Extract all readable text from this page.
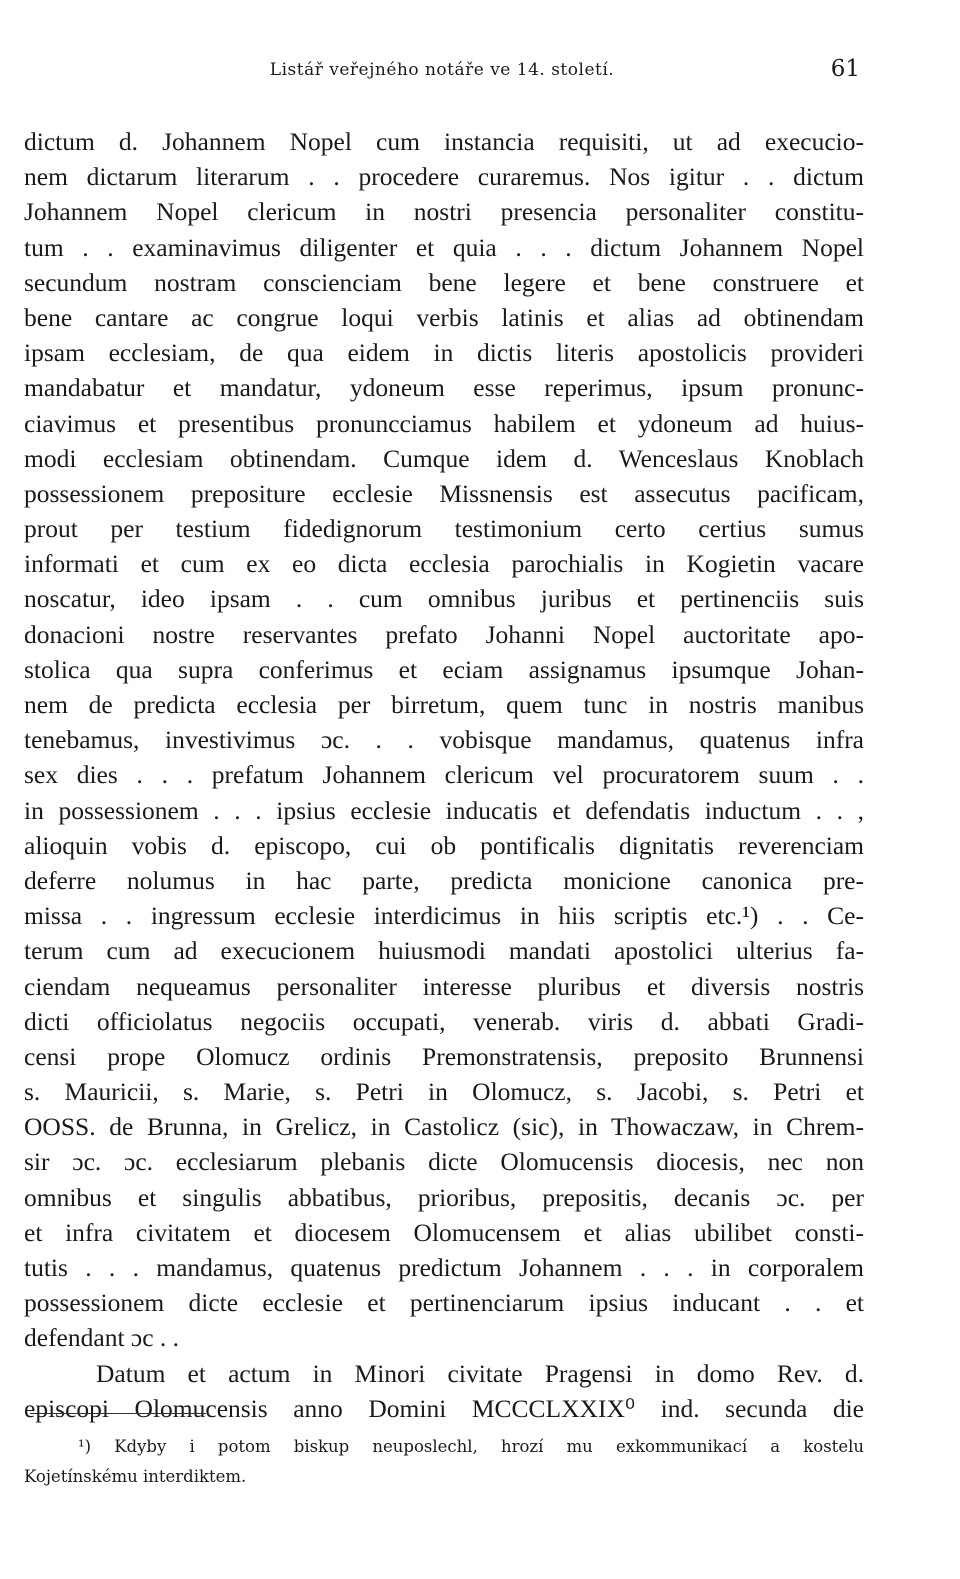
Listář veřejného notáře ve 14. století.	61
dictum d. Johannem Nopel cum instancia requisiti, ut ad execucio-
nem dictarum literarum . . procedere curaremus. Nos igitur . . dictum
Johannem Nopel clericum in nostri presencia personaliter constitu-
tum . . examinavimus diligenter et quia . . . dictum Johannem Nopel
secundum nostram conscienciam bene legere et bene construere et
bene cantare ac congrue loqui verbis latinis et alias ad obtinendam
ipsam ecclesiam, de qua eidem in dictis literis apostolicis provideri
mandabatur et mandatur, ydoneum esse reperimus, ipsum pronunc-
ciavimus et presentibus pronuncciamus habilem et ydoneum ad huius-
modi ecclesiam obtinendam. Cumque idem d. Wenceslaus Knoblach
possessionem prepositure ecclesie Missnensis est assecutus pacificam,
prout per testium fidedignorum testimonium certo certius sumus
informati et cum ex eo dicta ecclesia parochialis in Kogietin vacare
noscatur, ideo ipsam . . cum omnibus juribus et pertinenciis suis
donacioni nostre reservantes prefato Johanni Nopel auctoritate apo-
stolica qua supra conferimus et eciam assignamus ipsumque Johan-
nem de predicta ecclesia per birretum, quem tunc in nostris manibus
tenebamus, investivimus ɔc. . . vobisque mandamus, quatenus infra
sex dies . . . prefatum Johannem clericum vel procuratorem suum . .
in possessionem . . . ipsius ecclesie inducatis et defendatis inductum . . ,
alioquin vobis d. episcopo, cui ob pontificalis dignitatis reverenciam
deferre nolumus in hac parte, predicta monicione canonica pre-
missa . . ingressum ecclesie interdicimus in hiis scriptis etc.¹) . . Ce-
terum cum ad execucionem huiusmodi mandati apostolici ulterius fa-
ciendam nequeamus personaliter interesse pluribus et diversis nostris
dicti officiolatus negociis occupati, venerab. viris d. abbati Gradi-
censi prope Olomucz ordinis Premonstratensis, preposito Brunnensi
s. Mauricii, s. Marie, s. Petri in Olomucz, s. Jacobi, s. Petri et
OOSS. de Brunna, in Grelicz, in Castolicz (sic), in Thowaczaw, in Chrem-
sir ɔc. ɔc. ecclesiarum plebanis dicte Olomucensis diocesis, nec non
omnibus et singulis abbatibus, prioribus, prepositis, decanis ɔc. per
et infra civitatem et diocesem Olomucensem et alias ubilibet consti-
tutis . . . mandamus, quatenus predictum Johannem . . . in corporalem
possessionem dicte ecclesie et pertinenciarum ipsius inducant . . et
defendant ɔc . .
Datum et actum in Minori civitate Pragensi in domo Rev. d.
episcopi Olomucensis anno Domini MCCCLXXIX⁰ ind. secunda die
¹) Kdyby i potom biskup neuposlechl, hrozí mu exkommunikací a kostelu
Kojetínskému interdiktem.
